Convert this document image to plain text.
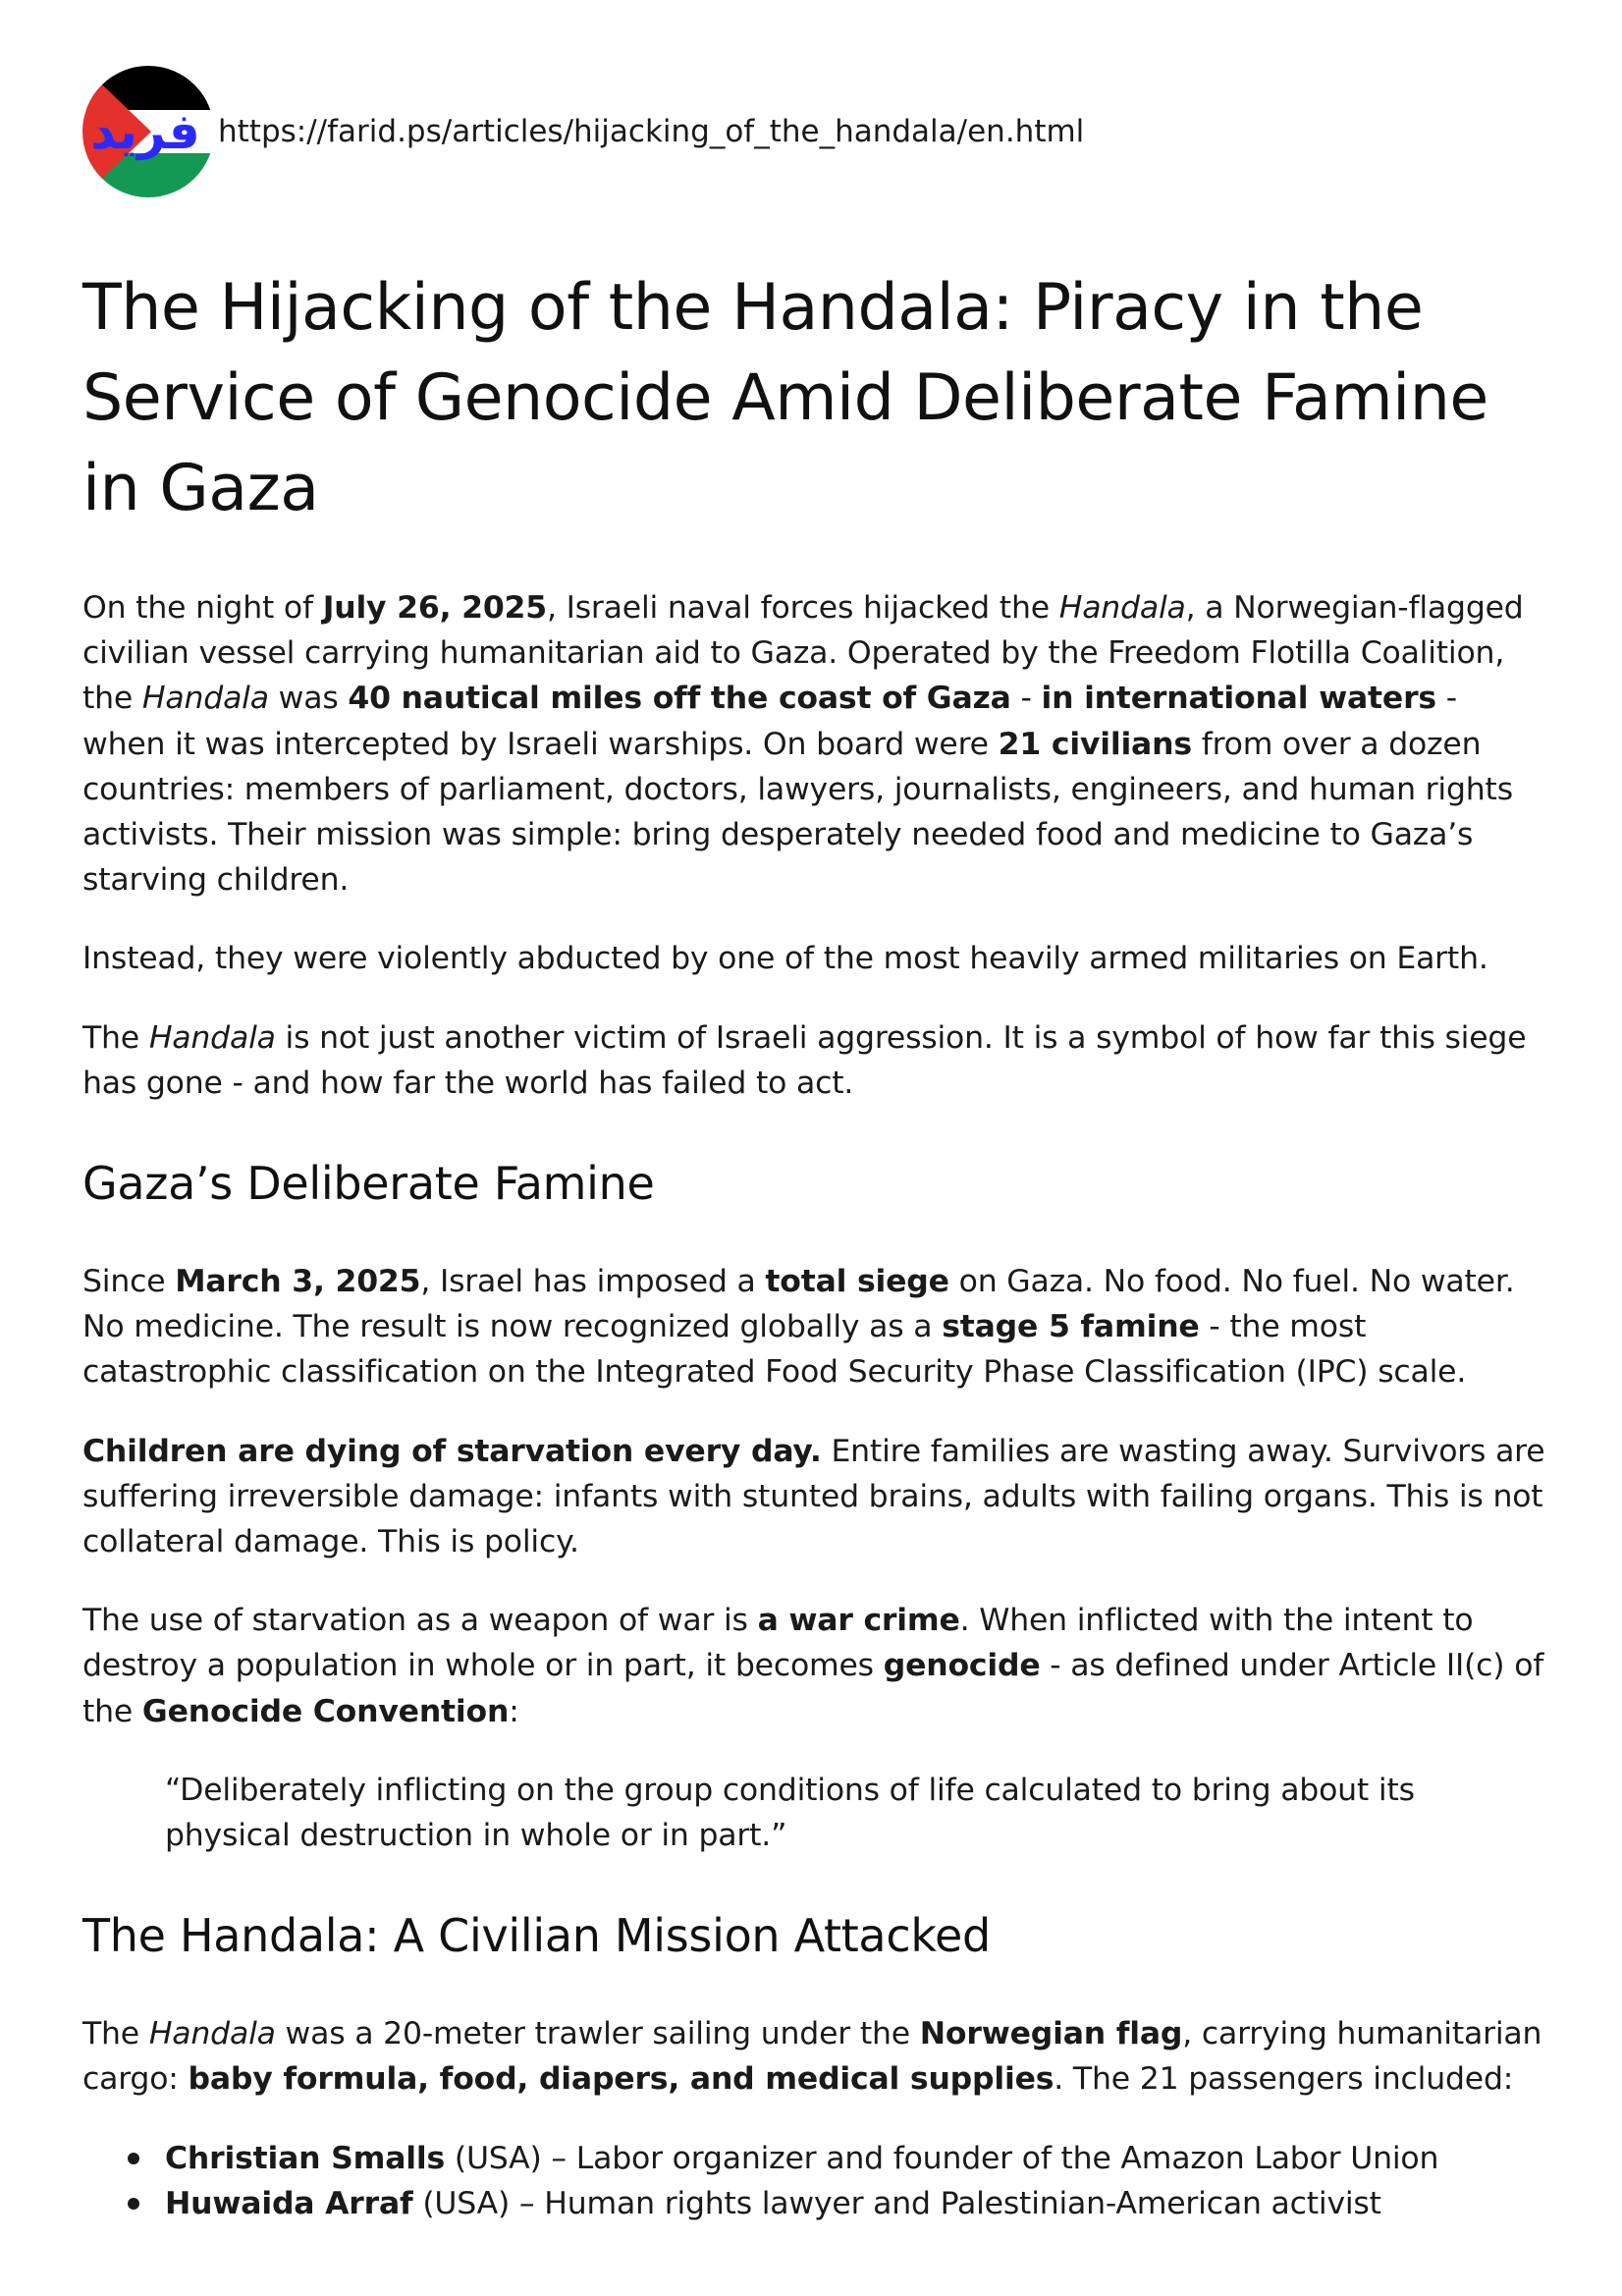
فريد https://farid.ps/articles/hijacking_of_the_handala/en.html
The Hijacking of the Handala: Piracy in the Service of Genocide Amid Deliberate Famine in Gaza

On the night of July 26, 2025, Israeli naval forces hijacked the Handala, a Norwegian-flagged civilian vessel carrying humanitarian aid to Gaza. Operated by the Freedom Flotilla Coalition, the Handala was 40 nautical miles off the coast of Gaza - in international waters - when it was intercepted by Israeli warships. On board were 21 civilians from over a dozen countries: members of parliament, doctors, lawyers, journalists, engineers, and human rights activists. Their mission was simple: bring desperately needed food and medicine to Gaza’s starving children.

Instead, they were violently abducted by one of the most heavily armed militaries on Earth.

The Handala is not just another victim of Israeli aggression. It is a symbol of how far this siege has gone - and how far the world has failed to act.

Gaza’s Deliberate Famine

Since March 3, 2025, Israel has imposed a total siege on Gaza. No food. No fuel. No water. No medicine. The result is now recognized globally as a stage 5 famine - the most catastrophic classification on the Integrated Food Security Phase Classification (IPC) scale.

Children are dying of starvation every day. Entire families are wasting away. Survivors are suffering irreversible damage: infants with stunted brains, adults with failing organs. This is not collateral damage. This is policy.

The use of starvation as a weapon of war is a war crime. When inflicted with the intent to destroy a population in whole or in part, it becomes genocide - as defined under Article II(c) of the Genocide Convention:

“Deliberately inflicting on the group conditions of life calculated to bring about its physical destruction in whole or in part.”
The Handala: A Civilian Mission Attacked

The Handala was a 20-meter trawler sailing under the Norwegian flag, carrying humanitarian cargo: baby formula, food, diapers, and medical supplies. The 21 passengers included:

Christian Smalls (USA) – Labor organizer and founder of the Amazon Labor Union
Huwaida Arraf (USA) – Human rights lawyer and Palestinian-American activist
